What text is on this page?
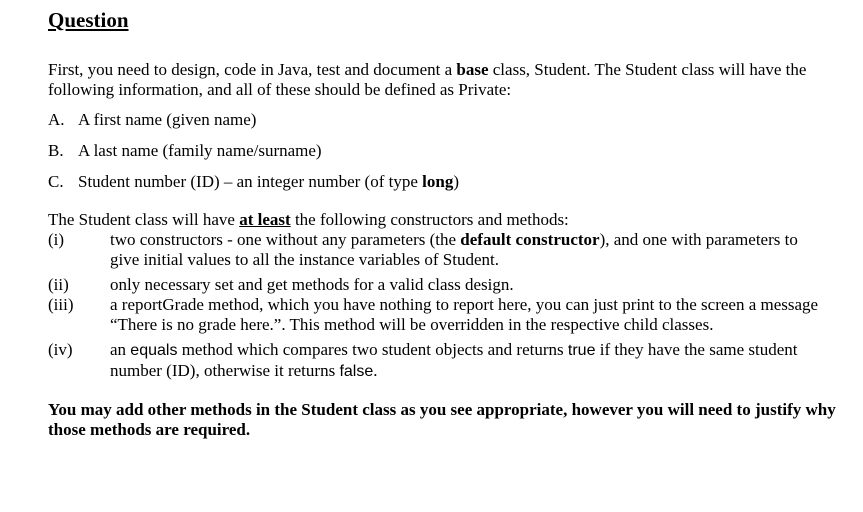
Question

First, you need to design, code in Java, test and document a base class, Student. The Student class will have the following information, and all of these should be defined as Private:

A. A first name (given name)
B. A last name (family name/surname)
C. Student number (ID) – an integer number (of type long)

The Student class will have at least the following constructors and methods:

(i)	two constructors - one without any parameters (the default constructor), and one with parameters to give initial values to all the instance variables of Student.
(ii)	only necessary set and get methods for a valid class design.
(iii)	a reportGrade method, which you have nothing to report here, you can just print to the screen a message “There is no grade here.”. This method will be overridden in the respective child classes.
(iv)	an equals method which compares two student objects and returns true if they have the same student number (ID), otherwise it returns false.

You may add other methods in the Student class as you see appropriate, however you will need to justify why those methods are required.
